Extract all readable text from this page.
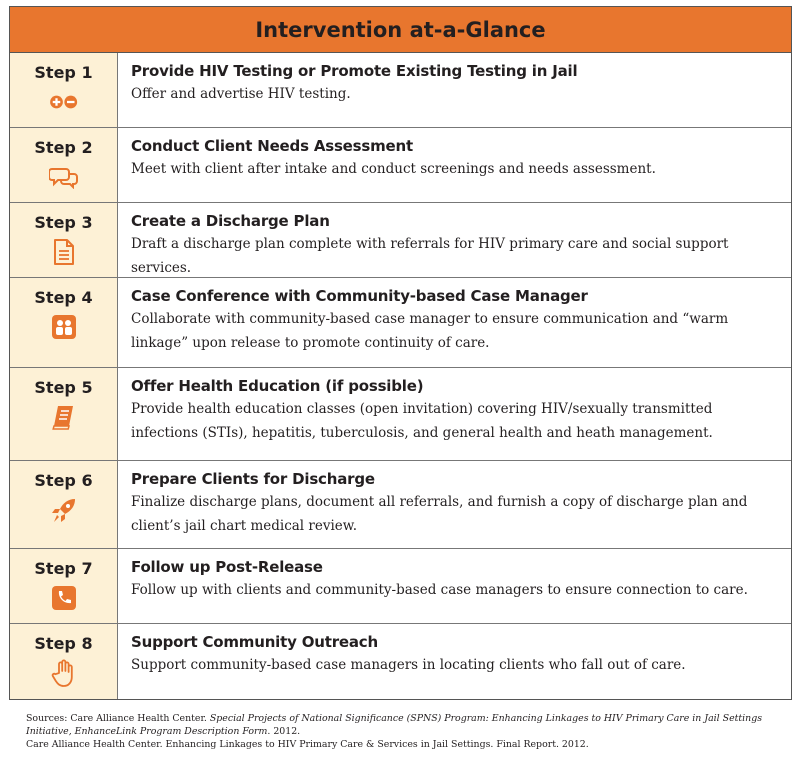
Intervention at-a-Glance
Step 1	Provide HIV Testing or Promote Existing Testing in Jail
Offer and advertise HIV testing.
Step 2	Conduct Client Needs Assessment
Meet with client after intake and conduct screenings and needs assessment.
Step 3	Create a Discharge Plan
Draft a discharge plan complete with referrals for HIV primary care and social support services.
Step 4	Case Conference with Community-based Case Manager
Collaborate with community-based case manager to ensure communication and “warm linkage” upon release to promote continuity of care.
Step 5	Offer Health Education (if possible)
Provide health education classes (open invitation) covering HIV/sexually transmitted infections (STIs), hepatitis, tuberculosis, and general health and heath management.
Step 6	Prepare Clients for Discharge
Finalize discharge plans, document all referrals, and furnish a copy of discharge plan and client’s jail chart medical review.
Step 7	Follow up Post-Release
Follow up with clients and community-based case managers to ensure connection to care.
Step 8	Support Community Outreach
Support community-based case managers in locating clients who fall out of care.

Sources: Care Alliance Health Center. Special Projects of National Significance (SPNS) Program: Enhancing Linkages to HIV Primary Care in Jail Settings Initiative, EnhanceLink Program Description Form. 2012.

Care Alliance Health Center. Enhancing Linkages to HIV Primary Care & Services in Jail Settings. Final Report. 2012.
